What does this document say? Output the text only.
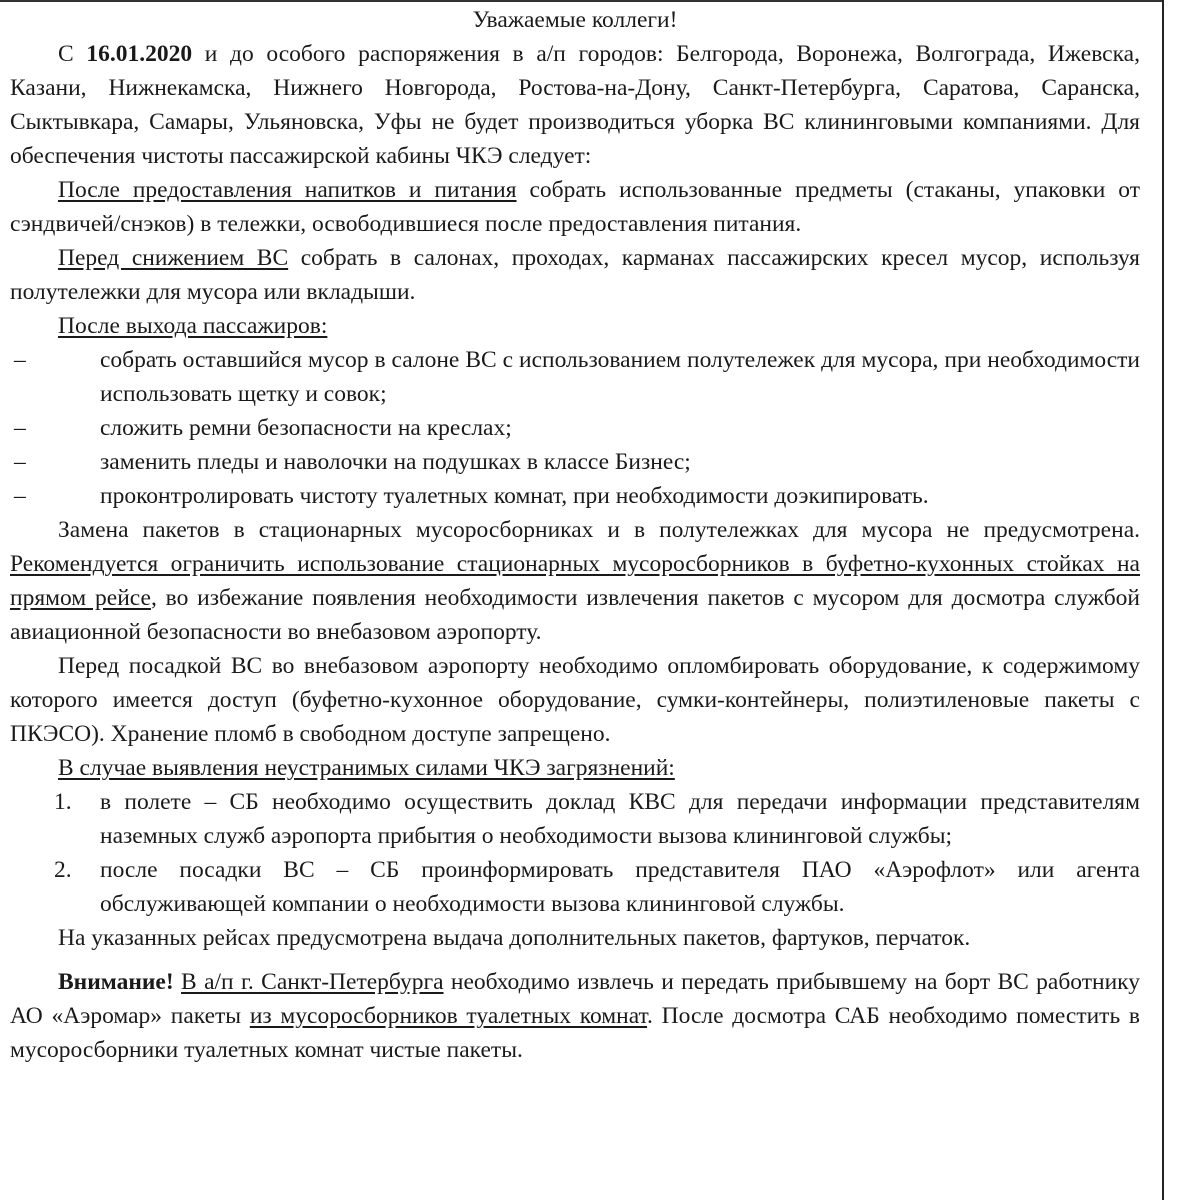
Уважаемые коллеги!
С 16.01.2020 и до особого распоряжения в а/п городов: Белгорода, Воронежа, Волгограда, Ижевска, Казани, Нижнекамска, Нижнего Новгорода, Ростова-на-Дону, Санкт-Петербурга, Саратова, Саранска, Сыктывкара, Самары, Ульяновска, Уфы не будет производиться уборка ВС клининговыми компаниями. Для обеспечения чистоты пассажирской кабины ЧКЭ следует:
После предоставления напитков и питания собрать использованные предметы (стаканы, упаковки от сэндвичей/снэков) в тележки, освободившиеся после предоставления питания.
Перед снижением ВС собрать в салонах, проходах, карманах пассажирских кресел мусор, используя полутележки для мусора или вкладыши.
После выхода пассажиров:
–	собрать оставшийся мусор в салоне ВС с использованием полутележек для мусора, при необходимости использовать щетку и совок;
–	сложить ремни безопасности на креслах;
–	заменить пледы и наволочки на подушках в классе Бизнес;
–	проконтролировать чистоту туалетных комнат, при необходимости доэкипировать.
Замена пакетов в стационарных мусоросборниках и в полутележках для мусора не предусмотрена. Рекомендуется ограничить использование стационарных мусоросборников в буфетно-кухонных стойках на прямом рейсе, во избежание появления необходимости извлечения пакетов с мусором для досмотра службой авиационной безопасности во внебазовом аэропорту.
Перед посадкой ВС во внебазовом аэропорту необходимо опломбировать оборудование, к содержимому которого имеется доступ (буфетно-кухонное оборудование, сумки-контейнеры, полиэтиленовые пакеты с ПКЭСО). Хранение пломб в свободном доступе запрещено.
В случае выявления неустранимых силами ЧКЭ загрязнений:
1.	в полете – СБ необходимо осуществить доклад КВС для передачи информации представителям наземных служб аэропорта прибытия о необходимости вызова клининговой службы;
2.	после посадки ВС – СБ проинформировать представителя ПАО «Аэрофлот» или агента обслуживающей компании о необходимости вызова клининговой службы.
На указанных рейсах предусмотрена выдача дополнительных пакетов, фартуков, перчаток.
Внимание! В а/п г. Санкт-Петербурга необходимо извлечь и передать прибывшему на борт ВС работнику АО «Аэромар» пакеты из мусоросборников туалетных комнат. После досмотра САБ необходимо поместить в мусоросборники туалетных комнат чистые пакеты.
